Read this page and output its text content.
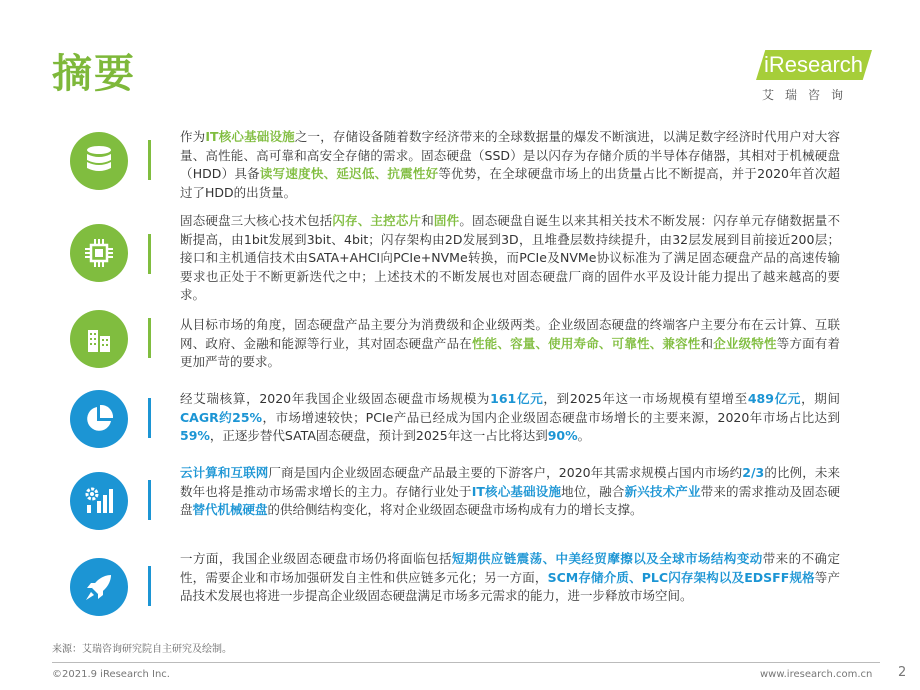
摘要	iResearch
艾瑞咨询
作为IT核心基础设施之一，存储设备随着数字经济带来的全球数据量的爆发不断演进，以满足数字经济时代用户对大容量、高性能、高可靠和高安全存储的需求。固态硬盘（SSD）是以闪存为存储介质的半导体存储器，其相对于机械硬盘（HDD）具备读写速度快、延迟低、抗震性好等优势，在全球硬盘市场上的出货量占比不断提高，并于2020年首次超过了HDD的出货量。
固态硬盘三大核心技术包括闪存、主控芯片和固件。固态硬盘自诞生以来其相关技术不断发展：闪存单元存储数据量不断提高，由1bit发展到3bit、4bit；闪存架构由2D发展到3D，且堆叠层数持续提升，由32层发展到目前接近200层；接口和主机通信技术由SATA+AHCI向PCIe+NVMe转换，而PCIe及NVMe协议标准为了满足固态硬盘产品的高速传输要求也正处于不断更新迭代之中；上述技术的不断发展也对固态硬盘厂商的固件水平及设计能力提出了越来越高的要求。
从目标市场的角度，固态硬盘产品主要分为消费级和企业级两类。企业级固态硬盘的终端客户主要分布在云计算、互联网、政府、金融和能源等行业，其对固态硬盘产品在性能、容量、使用寿命、可靠性、兼容性和企业级特性等方面有着更加严苛的要求。
经艾瑞核算，2020年我国企业级固态硬盘市场规模为161亿元，到2025年这一市场规模有望增至489亿元，期间CAGR约25%，市场增速较快；PCIe产品已经成为国内企业级固态硬盘市场增长的主要来源，2020年市场占比达到59%，正逐步替代SATA固态硬盘，预计到2025年这一占比将达到90%。
云计算和互联网厂商是国内企业级固态硬盘产品最主要的下游客户，2020年其需求规模占国内市场约2/3的比例，未来数年也将是推动市场需求增长的主力。存储行业处于IT核心基础设施地位，融合新兴技术产业带来的需求推动及固态硬盘替代机械硬盘的供给侧结构变化，将对企业级固态硬盘市场构成有力的增长支撑。
一方面，我国企业级固态硬盘市场仍将面临包括短期供应链震荡、中美经贸摩擦以及全球市场结构变动带来的不确定性，需要企业和市场加强研发自主性和供应链多元化；另一方面，SCM存储介质、PLC闪存架构以及EDSFF规格等产品技术发展也将进一步提高企业级固态硬盘满足市场多元需求的能力，进一步释放市场空间。
来源：艾瑞咨询研究院自主研究及绘制。
©2021.9 iResearch Inc.	www.iresearch.com.cn 2
